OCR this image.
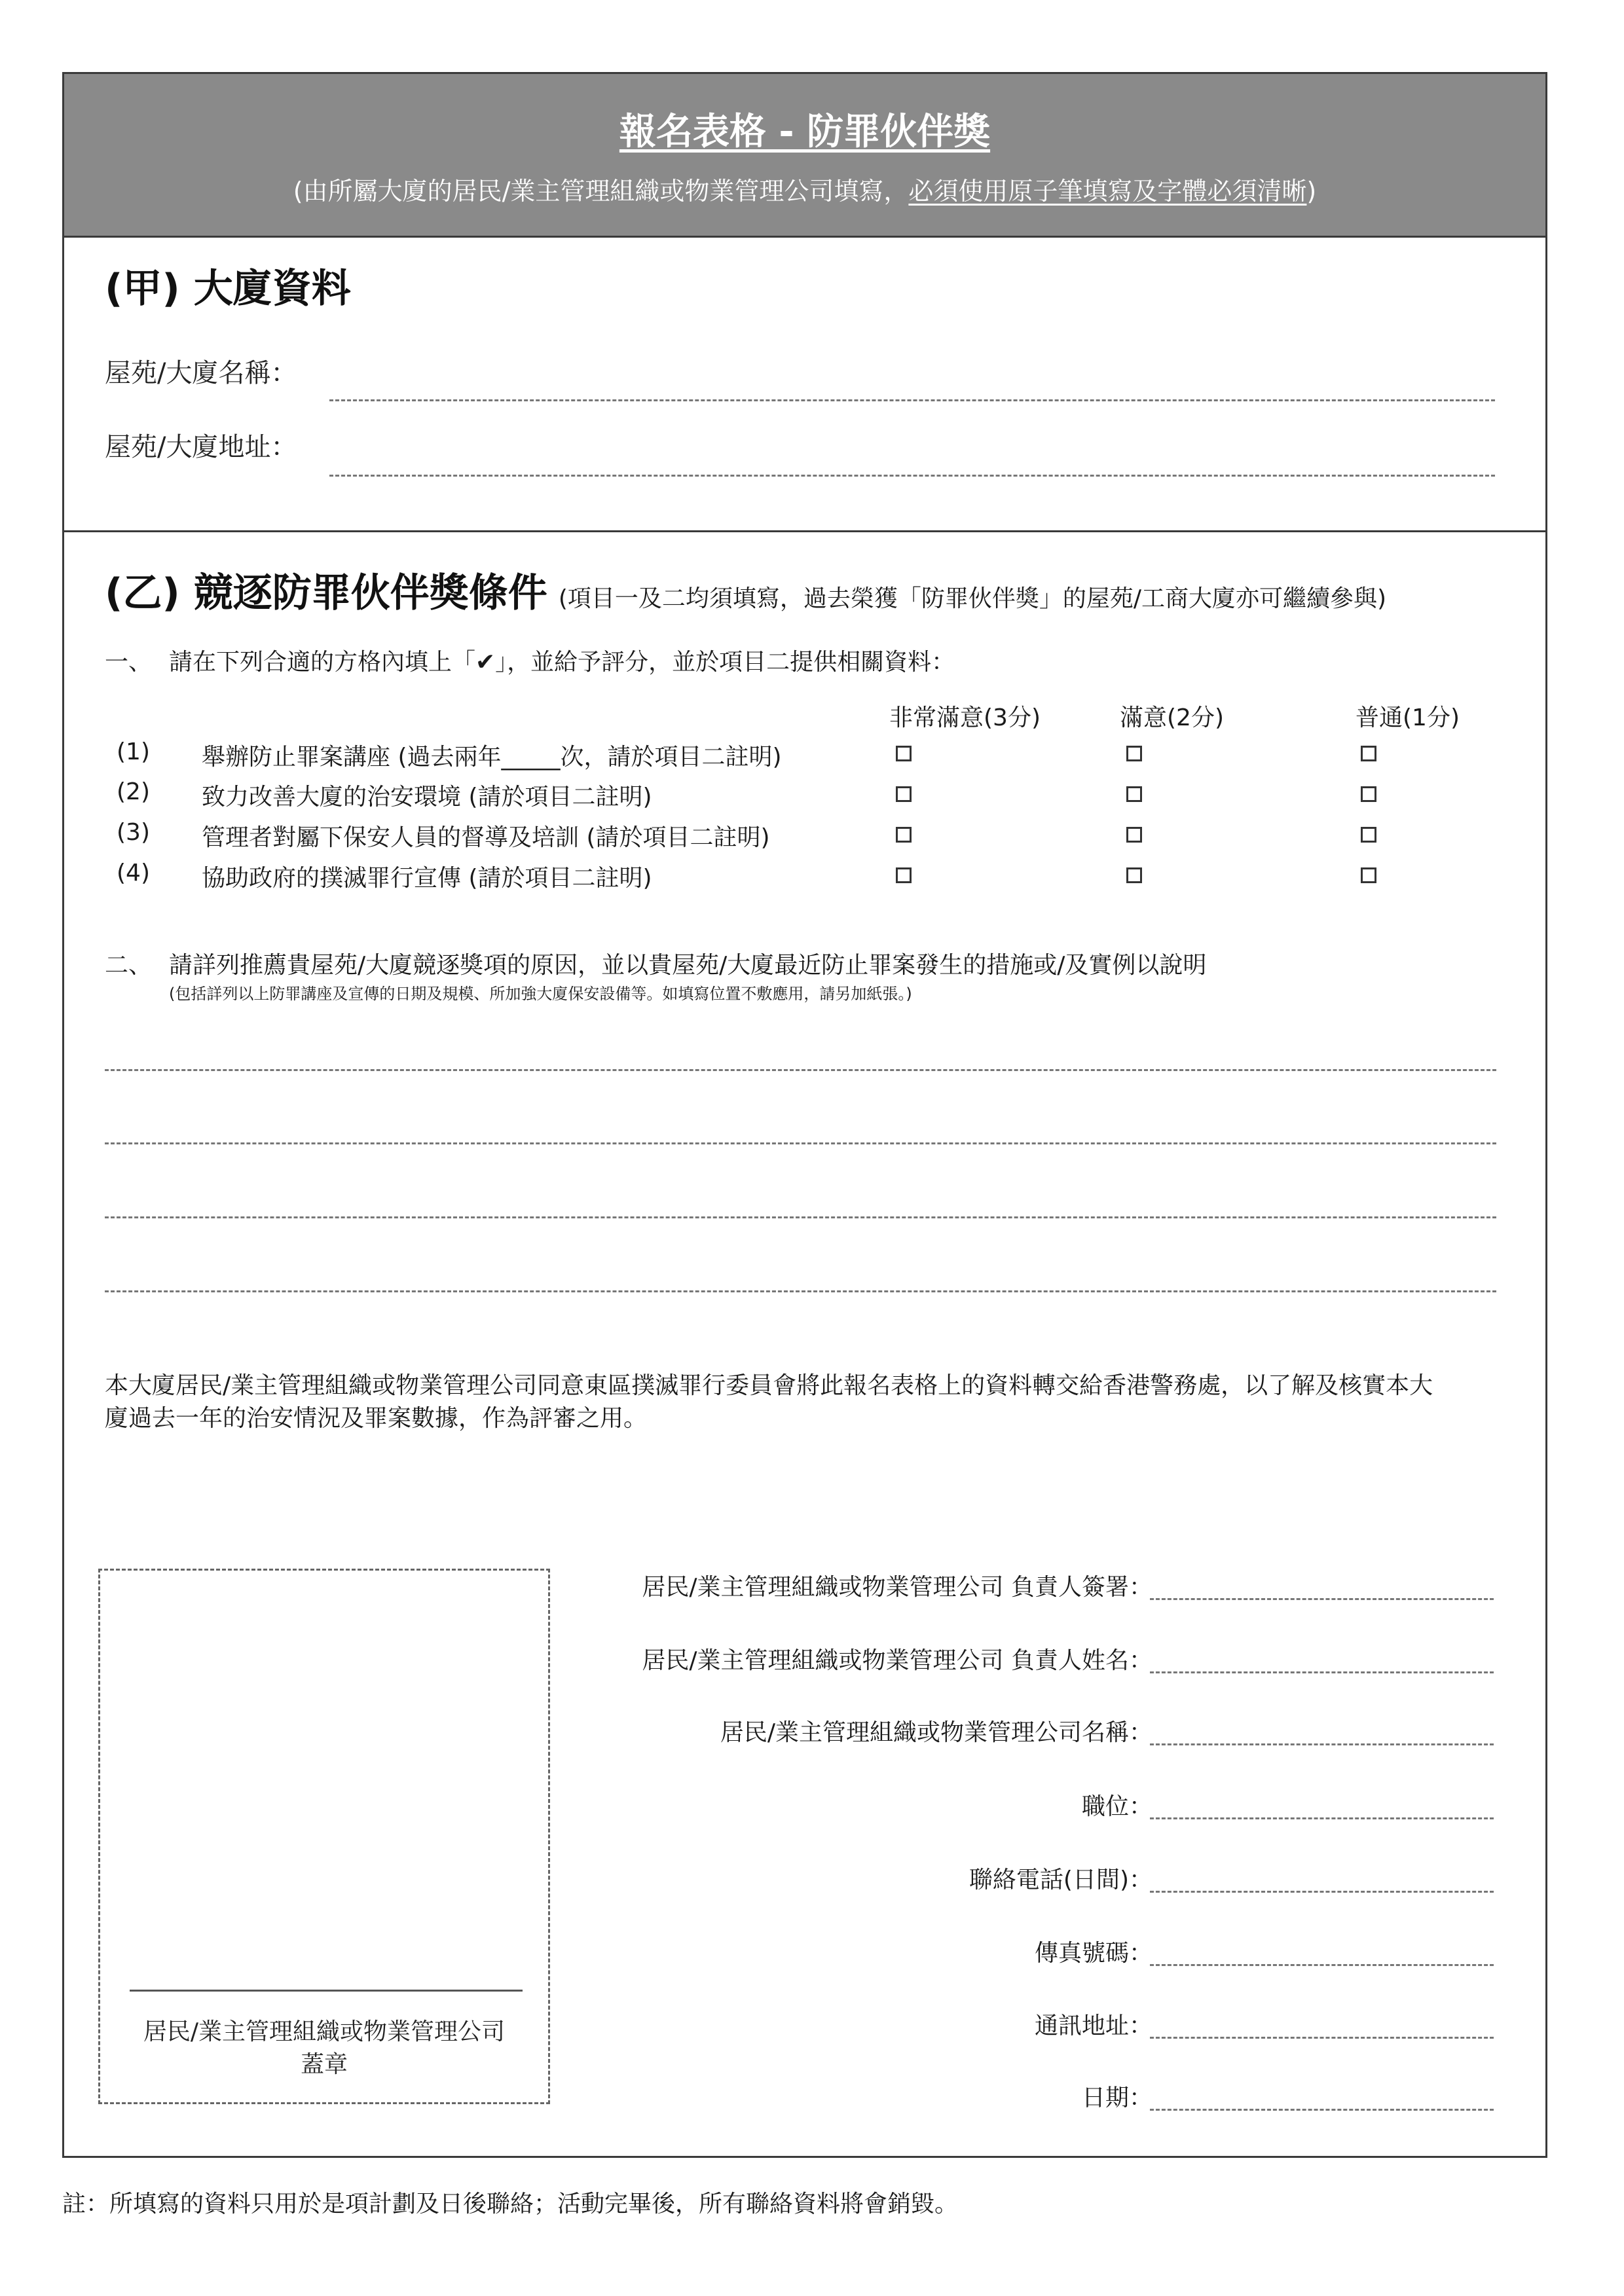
報名表格 - 防罪伙伴獎
(由所屬大廈的居民/業主管理組織或物業管理公司填寫，必須使用原子筆填寫及字體必須清晰)
(甲) 大廈資料
屋苑/大廈名稱：
屋苑/大廈地址：
(乙) 競逐防罪伙伴獎條件 (項目一及二均須填寫，過去榮獲「防罪伙伴獎」的屋苑/工商大廈亦可繼續參與)
一、 請在下列合適的方格內填上「✔」，並給予評分，並於項目二提供相關資料：
非常滿意(3分)	滿意(2分)	普通(1分)
(1) 舉辦防止罪案講座 (過去兩年_____次，請於項目二註明)
(2) 致力改善大廈的治安環境 (請於項目二註明)
(3) 管理者對屬下保安人員的督導及培訓 (請於項目二註明)
(4) 協助政府的撲滅罪行宣傳 (請於項目二註明)
二、 請詳列推薦貴屋苑/大廈競逐獎項的原因，並以貴屋苑/大廈最近防止罪案發生的措施或/及實例以說明
(包括詳列以上防罪講座及宣傳的日期及規模、所加強大廈保安設備等。如填寫位置不敷應用，請另加紙張。)
本大廈居民/業主管理組織或物業管理公司同意東區撲滅罪行委員會將此報名表格上的資料轉交給香港警務處，以了解及核實本大
廈過去一年的治安情況及罪案數據，作為評審之用。
居民/業主管理組織或物業管理公司
蓋章
居民/業主管理組織或物業管理公司 負責人簽署：
居民/業主管理組織或物業管理公司 負責人姓名：
居民/業主管理組織或物業管理公司名稱：
職位：
聯絡電話(日間)：
傳真號碼：
通訊地址：
日期：
註：所填寫的資料只用於是項計劃及日後聯絡；活動完畢後，所有聯絡資料將會銷毀。
